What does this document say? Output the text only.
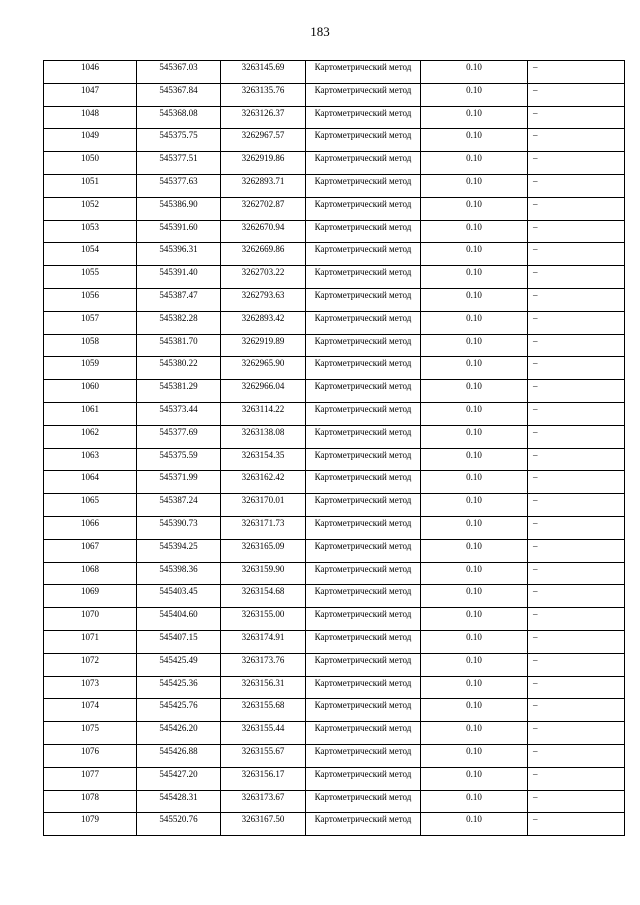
183
1046	545367.03	3263145.69	Картометрический метод	0.10	–

1047	545367.84	3263135.76	Картометрический метод	0.10	–

1048	545368.08	3263126.37	Картометрический метод	0.10	–

1049	545375.75	3262967.57	Картометрический метод	0.10	–

1050	545377.51	3262919.86	Картометрический метод	0.10	–

1051	545377.63	3262893.71	Картометрический метод	0.10	–

1052	545386.90	3262702.87	Картометрический метод	0.10	–

1053	545391.60	3262670.94	Картометрический метод	0.10	–

1054	545396.31	3262669.86	Картометрический метод	0.10	–

1055	545391.40	3262703.22	Картометрический метод	0.10	–

1056	545387.47	3262793.63	Картометрический метод	0.10	–

1057	545382.28	3262893.42	Картометрический метод	0.10	–

1058	545381.70	3262919.89	Картометрический метод	0.10	–

1059	545380.22	3262965.90	Картометрический метод	0.10	–

1060	545381.29	3262966.04	Картометрический метод	0.10	–

1061	545373.44	3263114.22	Картометрический метод	0.10	–

1062	545377.69	3263138.08	Картометрический метод	0.10	–

1063	545375.59	3263154.35	Картометрический метод	0.10	–

1064	545371.99	3263162.42	Картометрический метод	0.10	–

1065	545387.24	3263170.01	Картометрический метод	0.10	–

1066	545390.73	3263171.73	Картометрический метод	0.10	–

1067	545394.25	3263165.09	Картометрический метод	0.10	–

1068	545398.36	3263159.90	Картометрический метод	0.10	–

1069	545403.45	3263154.68	Картометрический метод	0.10	–

1070	545404.60	3263155.00	Картометрический метод	0.10	–

1071	545407.15	3263174.91	Картометрический метод	0.10	–

1072	545425.49	3263173.76	Картометрический метод	0.10	–

1073	545425.36	3263156.31	Картометрический метод	0.10	–

1074	545425.76	3263155.68	Картометрический метод	0.10	–

1075	545426.20	3263155.44	Картометрический метод	0.10	–

1076	545426.88	3263155.67	Картометрический метод	0.10	–

1077	545427.20	3263156.17	Картометрический метод	0.10	–

1078	545428.31	3263173.67	Картометрический метод	0.10	–

1079	545520.76	3263167.50	Картометрический метод	0.10	–
